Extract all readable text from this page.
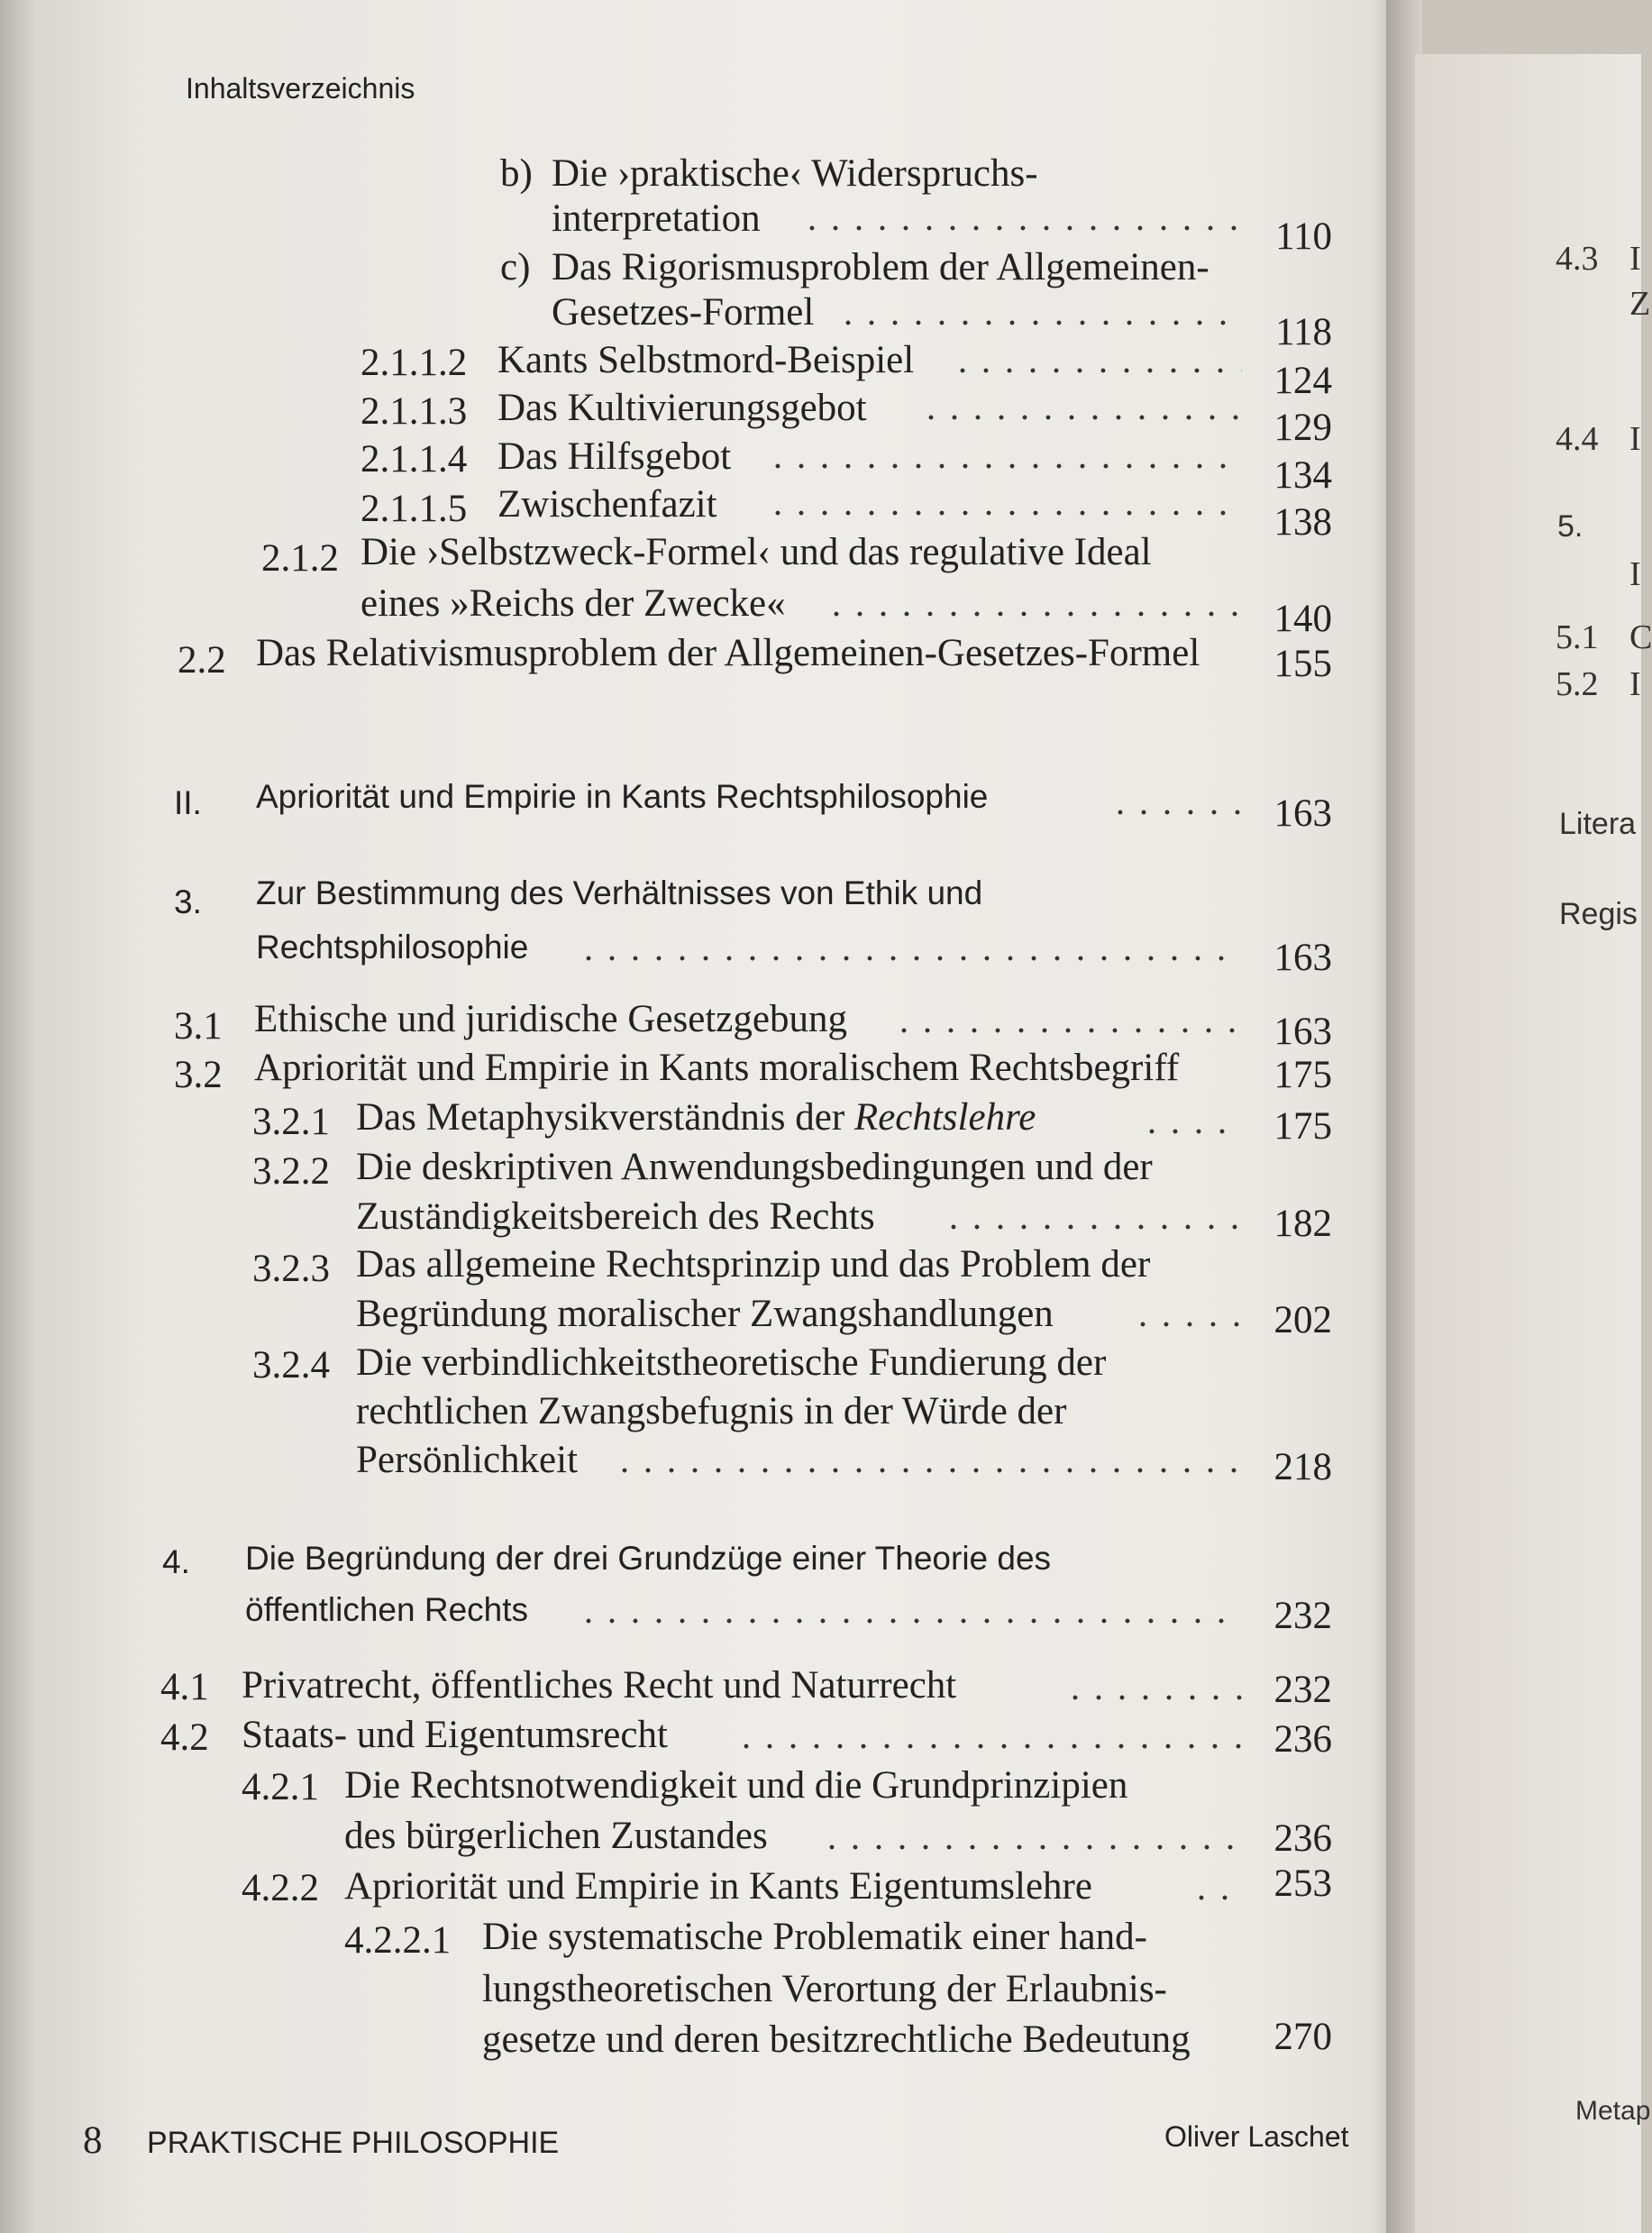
Inhaltsverzeichnis
b) Die ›praktische‹ Widerspruchs-
interpretation	110
c) Das Rigorismusproblem der Allgemeinen-
Gesetzes-Formel	118
2.1.1.2 Kants Selbstmord-Beispiel	124
2.1.1.3 Das Kultivierungsgebot	129
2.1.1.4 Das Hilfsgebot	134
2.1.1.5 Zwischenfazit	138
2.1.2 Die ›Selbstzweck-Formel‹ und das regulative Ideal
eines »Reichs der Zwecke«	140
2.2 Das Relativismusproblem der Allgemeinen-Gesetzes-Formel	155
II. Apriorität und Empirie in Kants Rechtsphilosophie	163
3. Zur Bestimmung des Verhältnisses von Ethik und
Rechtsphilosophie	163
3.1 Ethische und juridische Gesetzgebung	163
3.2 Apriorität und Empirie in Kants moralischem Rechtsbegriff	175
3.2.1 Das Metaphysikverständnis der Rechtslehre	175
3.2.2 Die deskriptiven Anwendungsbedingungen und der
Zuständigkeitsbereich des Rechts	182
3.2.3 Das allgemeine Rechtsprinzip und das Problem der
Begründung moralischer Zwangshandlungen	202
3.2.4 Die verbindlichkeitstheoretische Fundierung der
rechtlichen Zwangsbefugnis in der Würde der
Persönlichkeit	218
4. Die Begründung der drei Grundzüge einer Theorie des
öffentlichen Rechts	232
4.1 Privatrecht, öffentliches Recht und Naturrecht	232
4.2 Staats- und Eigentumsrecht	236
4.2.1 Die Rechtsnotwendigkeit und die Grundprinzipien
des bürgerlichen Zustandes	236
4.2.2 Apriorität und Empirie in Kants Eigentumslehre	253
4.2.2.1 Die systematische Problematik einer hand-
lungstheoretischen Verortung der Erlaubnis-
gesetze und deren besitzrechtliche Bedeutung	270
8 PRAKTISCHE PHILOSOPHIE	Oliver Laschet
4.3 I
Z
4.4 I
5.
I
5.1 C
5.2 I
Litera
Regis
Metap
